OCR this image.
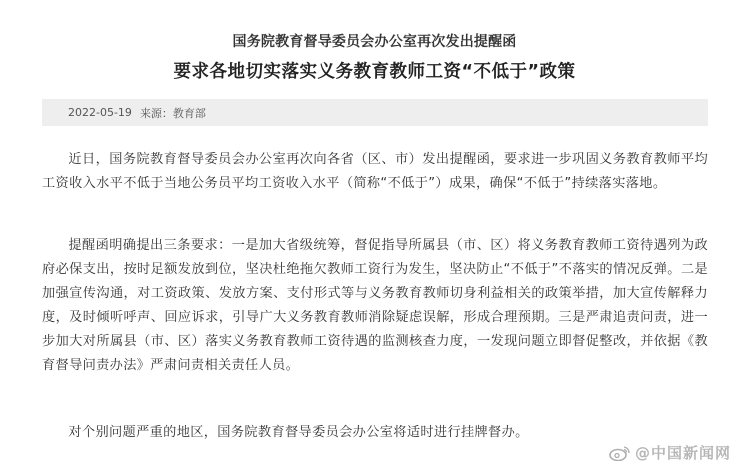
国务院教育督导委员会办公室再次发出提醒函
要求各地切实落实义务教育教师工资“不低于”政策
2022-05-19 来源：教育部

近日，国务院教育督导委员会办公室再次向各省（区、市）发出提醒函，要求进一步巩固义务教育教师平均工资收入水平不低于当地公务员平均工资收入水平（简称“不低于”）成果，确保“不低于”持续落实落地。

提醒函明确提出三条要求：一是加大省级统筹，督促指导所属县（市、区）将义务教育教师工资待遇列为政府必保支出，按时足额发放到位，坚决杜绝拖欠教师工资行为发生，坚决防止“不低于”不落实的情况反弹。二是加强宣传沟通，对工资政策、发放方案、支付形式等与义务教育教师切身利益相关的政策举措，加大宣传解释力度，及时倾听呼声、回应诉求，引导广大义务教育教师消除疑虑误解，形成合理预期。三是严肃追责问责，进一步加大对所属县（市、区）落实义务教育教师工资待遇的监测核查力度，一发现问题立即督促整改，并依据《教育督导问责办法》严肃问责相关责任人员。

对个别问题严重的地区，国务院教育督导委员会办公室将适时进行挂牌督办。

@中国新闻网
